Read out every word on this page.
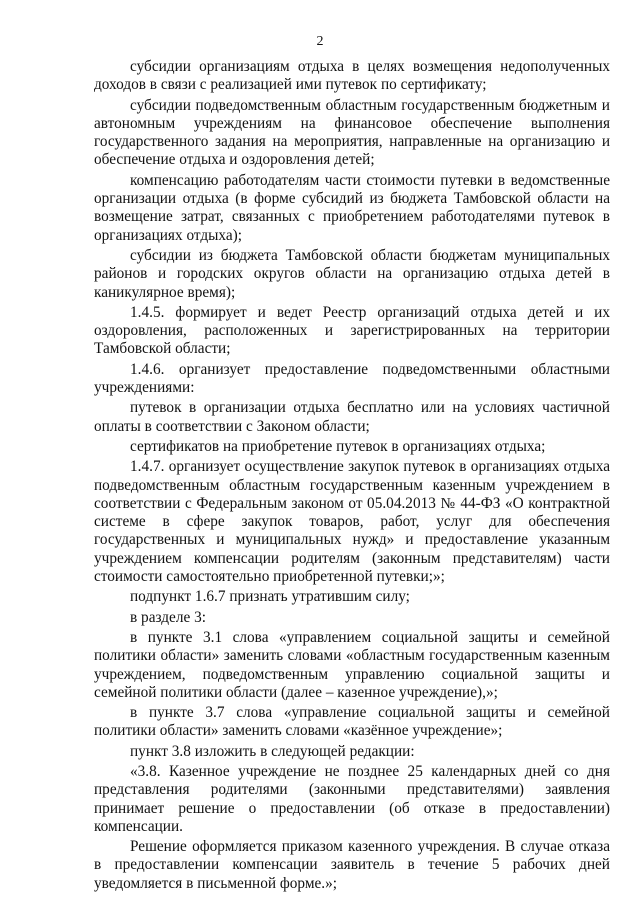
2

субсидии организациям отдыха в целях возмещения недополученных доходов в связи с реализацией ими путевок по сертификату;

субсидии подведомственным областным государственным бюджетным и автономным учреждениям на финансовое обеспечение выполнения государственного задания на мероприятия, направленные на организацию и обеспечение отдыха и оздоровления детей;

компенсацию работодателям части стоимости путевки в ведомственные организации отдыха (в форме субсидий из бюджета Тамбовской области на возмещение затрат, связанных с приобретением работодателями путевок в организациях отдыха);

субсидии из бюджета Тамбовской области бюджетам муниципальных районов и городских округов области на организацию отдыха детей в каникулярное время);

1.4.5. формирует и ведет Реестр организаций отдыха детей и их оздоровления, расположенных и зарегистрированных на территории Тамбовской области;

1.4.6. организует предоставление подведомственными областными учреждениями:

путевок в организации отдыха бесплатно или на условиях частичной оплаты в соответствии с Законом области;

сертификатов на приобретение путевок в организациях отдыха;

1.4.7. организует осуществление закупок путевок в организациях отдыха подведомственным областным государственным казенным учреждением в соответствии с Федеральным законом от 05.04.2013 № 44-ФЗ «О контрактной системе в сфере закупок товаров, работ, услуг для обеспечения государственных и муниципальных нужд» и предоставление указанным учреждением компенсации родителям (законным представителям) части стоимости самостоятельно приобретенной путевки;»;

подпункт 1.6.7 признать утратившим силу;

в разделе 3:

в пункте 3.1 слова «управлением социальной защиты и семейной политики области» заменить словами «областным государственным казенным учреждением, подведомственным управлению социальной защиты и семейной политики области (далее – казенное учреждение),»;

в пункте 3.7 слова «управление социальной защиты и семейной политики области» заменить словами «казённое учреждение»;

пункт 3.8 изложить в следующей редакции:

«3.8. Казенное учреждение не позднее 25 календарных дней со дня представления родителями (законными представителями) заявления принимает решение о предоставлении (об отказе в предоставлении) компенсации.

Решение оформляется приказом казенного учреждения. В случае отказа в предоставлении компенсации заявитель в течение 5 рабочих дней уведомляется в письменной форме.»;
